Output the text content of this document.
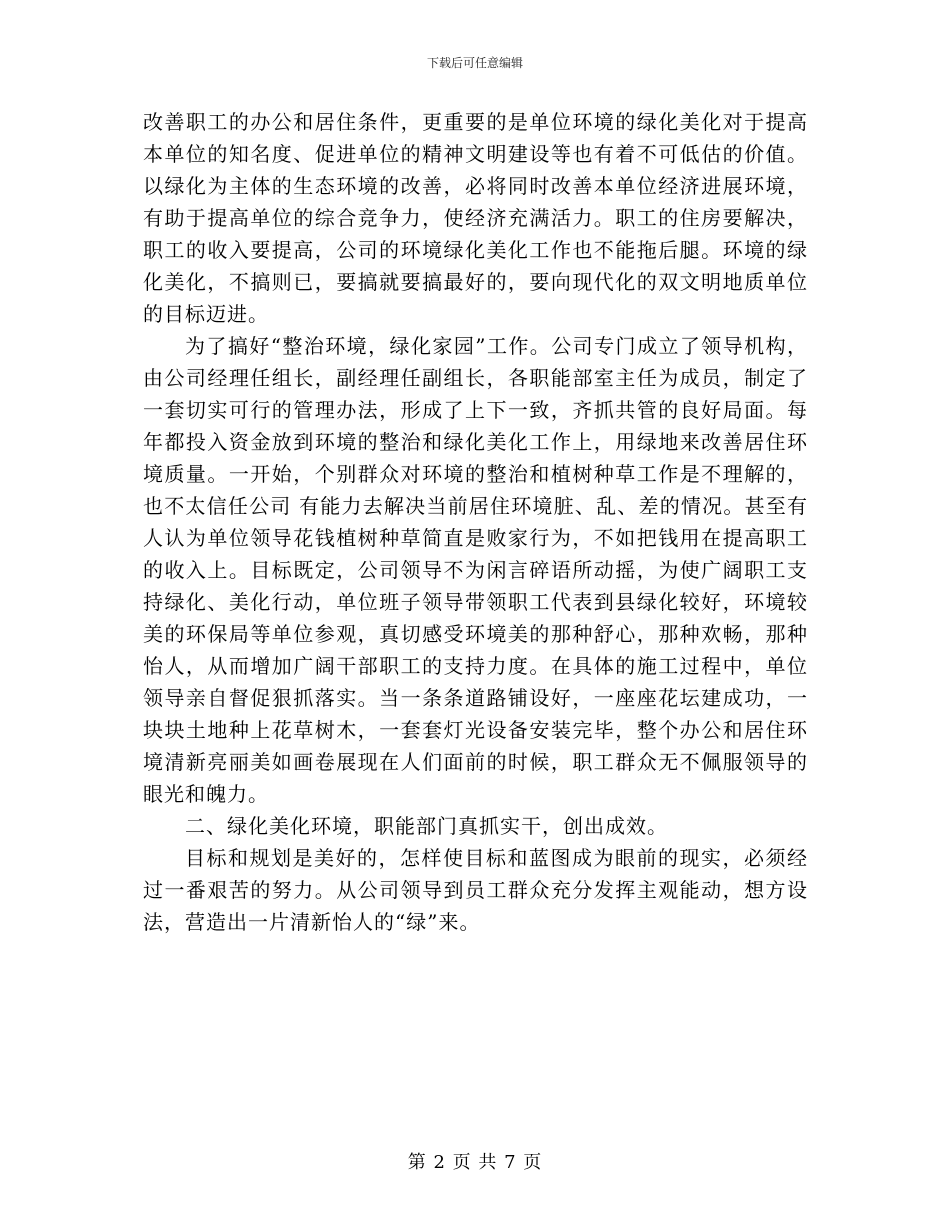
下载后可任意编辑

改善职工的办公和居住条件，更重要的是单位环境的绿化美化对于提高本单位的知名度、促进单位的精神文明建设等也有着不可低估的价值。以绿化为主体的生态环境的改善，必将同时改善本单位经济进展环境，有助于提高单位的综合竞争力，使经济充满活力。职工的住房要解决，职工的收入要提高，公司的环境绿化美化工作也不能拖后腿。环境的绿化美化，不搞则已，要搞就要搞最好的，要向现代化的双文明地质单位的目标迈进。

为了搞好“整治环境，绿化家园”工作。公司专门成立了领导机构，由公司经理任组长，副经理任副组长，各职能部室主任为成员，制定了一套切实可行的管理办法，形成了上下一致，齐抓共管的良好局面。每年都投入资金放到环境的整治和绿化美化工作上，用绿地来改善居住环境质量。一开始，个别群众对环境的整治和植树种草工作是不理解的，也不太信任公司 有能力去解决当前居住环境脏、乱、差的情况。甚至有人认为单位领导花钱植树种草简直是败家行为，不如把钱用在提高职工的收入上。目标既定，公司领导不为闲言碎语所动摇，为使广阔职工支持绿化、美化行动，单位班子领导带领职工代表到县绿化较好，环境较美的环保局等单位参观，真切感受环境美的那种舒心，那种欢畅，那种怡人，从而增加广阔干部职工的支持力度。在具体的施工过程中，单位领导亲自督促狠抓落实。当一条条道路铺设好，一座座花坛建成功，一块块土地种上花草树木，一套套灯光设备安装完毕，整个办公和居住环境清新亮丽美如画卷展现在人们面前的时候，职工群众无不佩服领导的眼光和魄力。

二、绿化美化环境，职能部门真抓实干，创出成效。

目标和规划是美好的，怎样使目标和蓝图成为眼前的现实，必须经过一番艰苦的努力。从公司领导到员工群众充分发挥主观能动，想方设法，营造出一片清新怡人的“绿”来。

第 2 页 共 7 页
